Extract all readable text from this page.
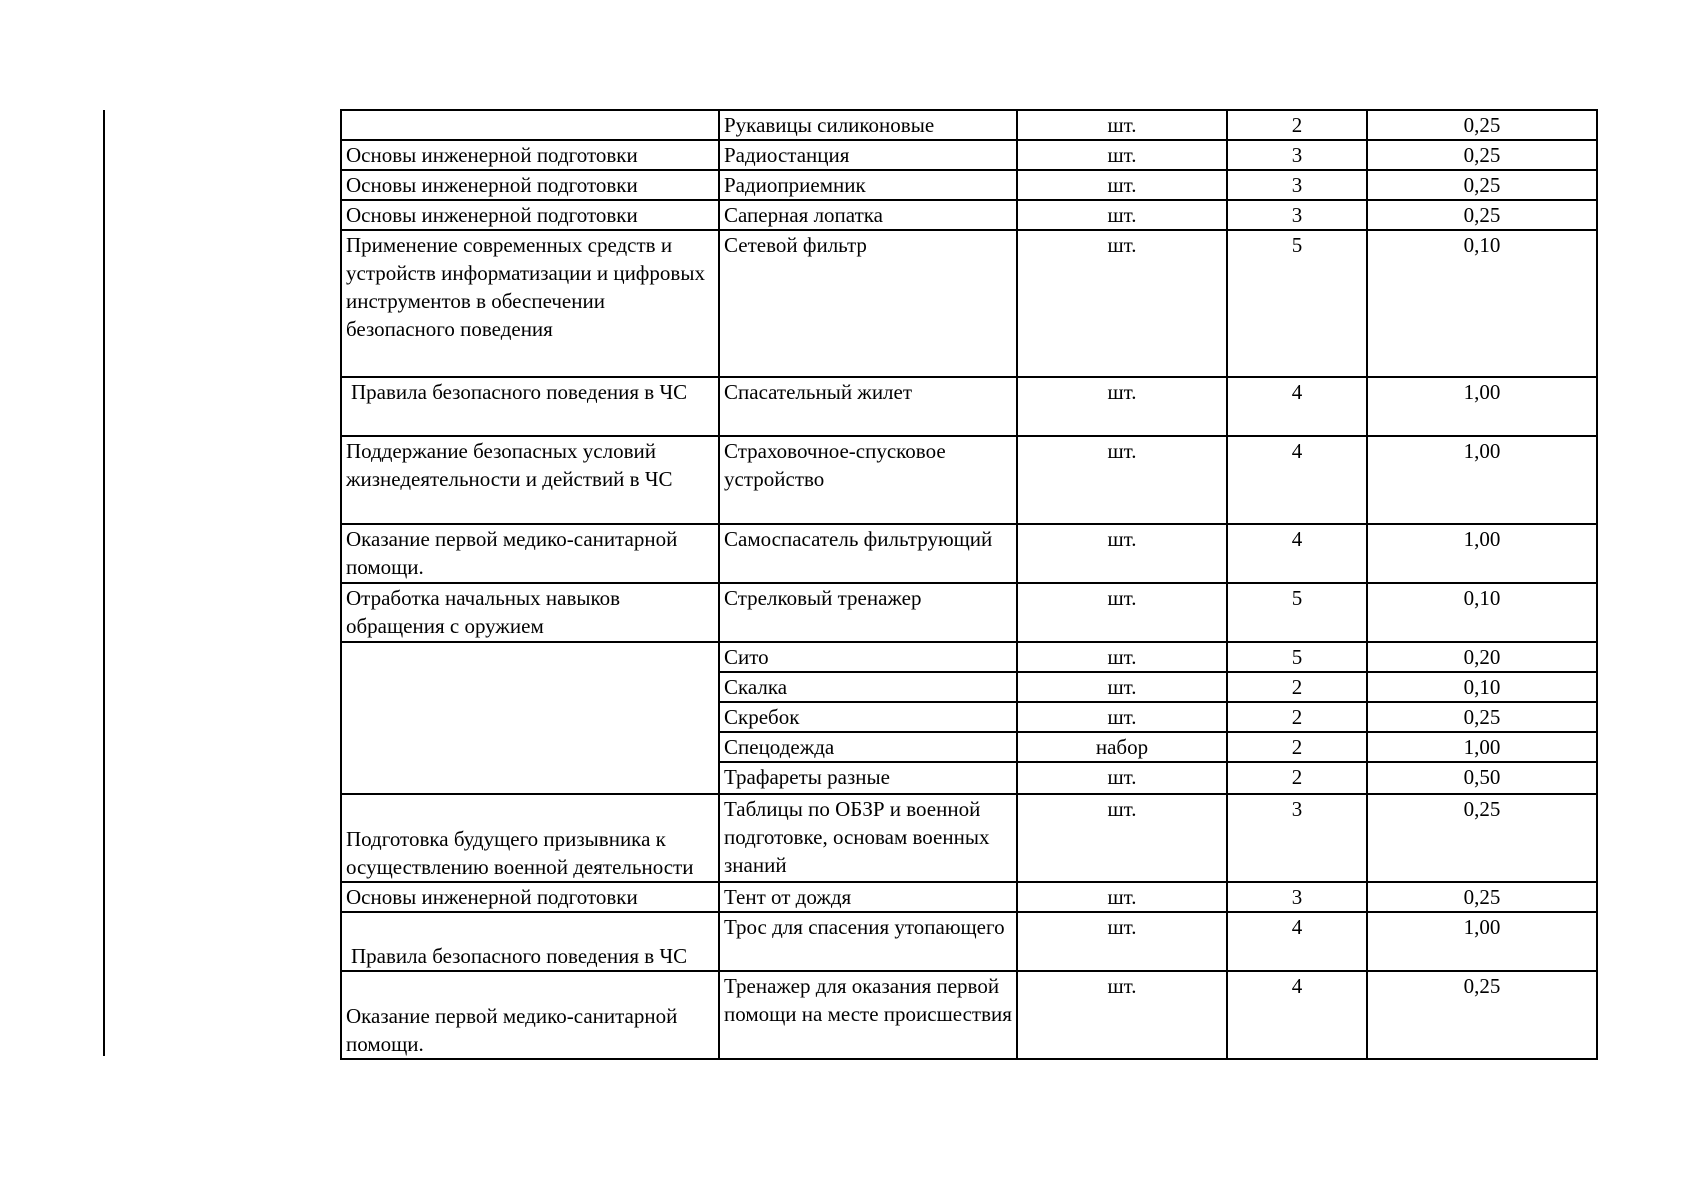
	Рукавицы силиконовые	шт.	2	0,25
Основы инженерной подготовки	Радиостанция	шт.	3	0,25
Основы инженерной подготовки	Радиоприемник	шт.	3	0,25
Основы инженерной подготовки	Саперная лопатка	шт.	3	0,25
Применение современных средств и устройств информатизации и цифровых инструментов в обеспечении безопасного поведения	Сетевой фильтр	шт.	5	0,10
Правила безопасного поведения в ЧС	Спасательный жилет	шт.	4	1,00
Поддержание безопасных условий жизнедеятельности и действий в ЧС	Страховочное-спусковое устройство	шт.	4	1,00
Оказание первой медико-санитарной помощи.	Самоспасатель фильтрующий	шт.	4	1,00
Отработка начальных навыков обращения с оружием	Стрелковый тренажер	шт.	5	0,10
	Сито	шт.	5	0,20
	Скалка	шт.	2	0,10
	Скребок	шт.	2	0,25
	Спецодежда	набор	2	1,00
	Трафареты разные	шт.	2	0,50
Подготовка будущего призывника к осуществлению военной деятельности	Таблицы по ОБЗР и военной подготовке, основам военных знаний	шт.	3	0,25
Основы инженерной подготовки	Тент от дождя	шт.	3	0,25
Правила безопасного поведения в ЧС	Трос для спасения утопающего	шт.	4	1,00
Оказание первой медико-санитарной помощи.	Тренажер для оказания первой помощи на месте происшествия	шт.	4	0,25
